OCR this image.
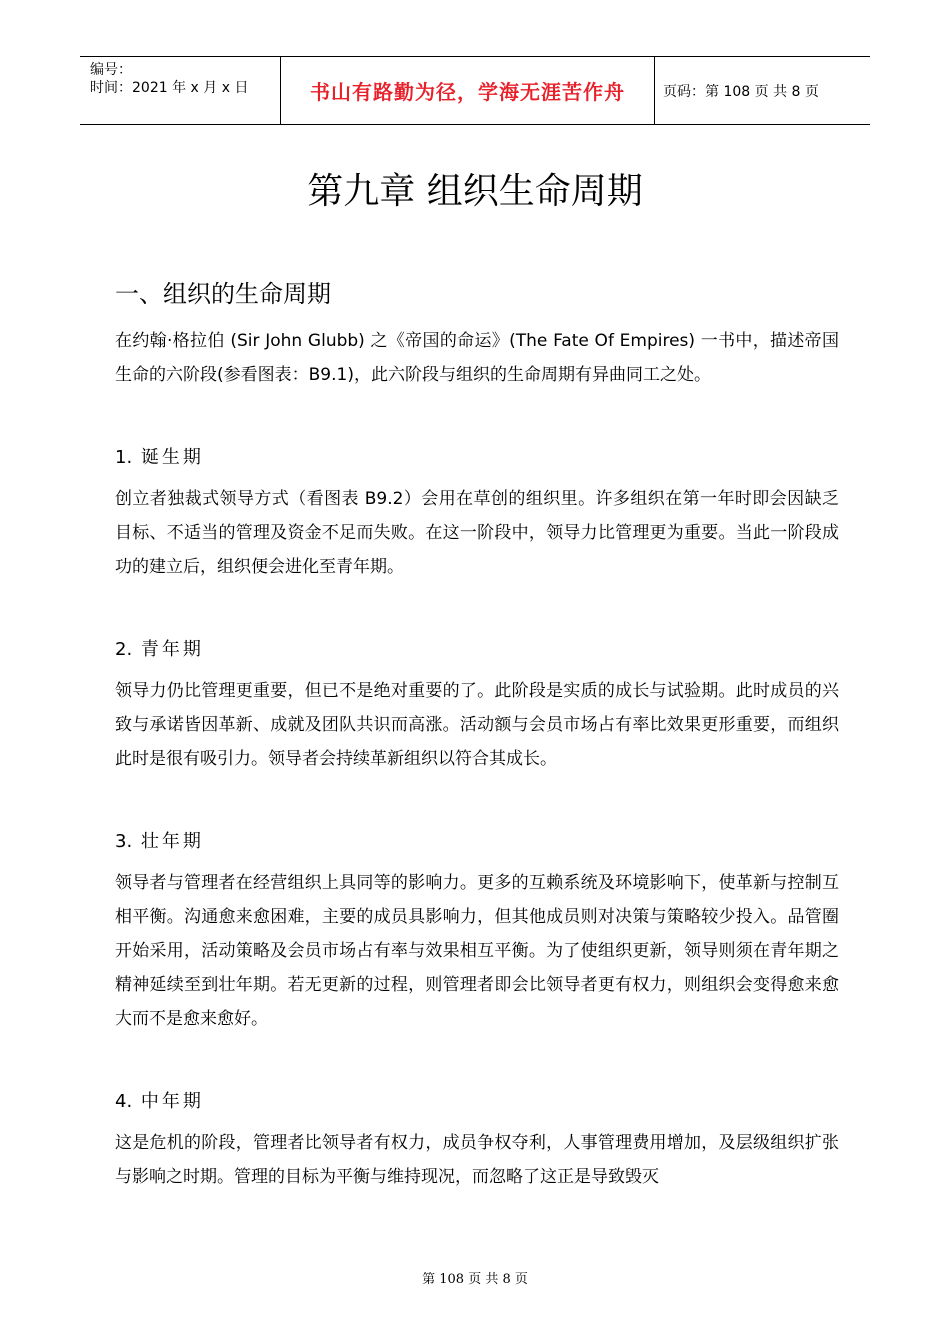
编号：
时间：2021 年 x 月 x 日	书山有路勤为径，学海无涯苦作舟	页码：第 108 页 共 8 页
第九章 组织生命周期
一、组织的生命周期

在约翰·格拉伯 (Sir John Glubb) 之《帝国的命运》(The Fate Of Empires) 一书中，描述帝国生命的六阶段(参看图表：B9.1)，此六阶段与组织的生命周期有异曲同工之处。

1. 诞生期

创立者独裁式领导方式（看图表 B9.2）会用在草创的组织里。许多组织在第一年时即会因缺乏目标、不适当的管理及资金不足而失败。在这一阶段中，领导力比管理更为重要。当此一阶段成功的建立后，组织便会进化至青年期。

2. 青年期

领导力仍比管理更重要，但已不是绝对重要的了。此阶段是实质的成长与试验期。此时成员的兴致与承诺皆因革新、成就及团队共识而高涨。活动额与会员市场占有率比效果更形重要，而组织此时是很有吸引力。领导者会持续革新组织以符合其成长。

3. 壮年期

领导者与管理者在经营组织上具同等的影响力。更多的互赖系统及环境影响下，使革新与控制互相平衡。沟通愈来愈困难，主要的成员具影响力，但其他成员则对决策与策略较少投入。品管圈开始采用，活动策略及会员市场占有率与效果相互平衡。为了使组织更新，领导则须在青年期之精神延续至到壮年期。若无更新的过程，则管理者即会比领导者更有权力，则组织会变得愈来愈大而不是愈来愈好。

4. 中年期

这是危机的阶段，管理者比领导者有权力，成员争权夺利，人事管理费用增加，及层级组织扩张与影响之时期。管理的目标为平衡与维持现况，而忽略了这正是导致毁灭

第 108 页 共 8 页
